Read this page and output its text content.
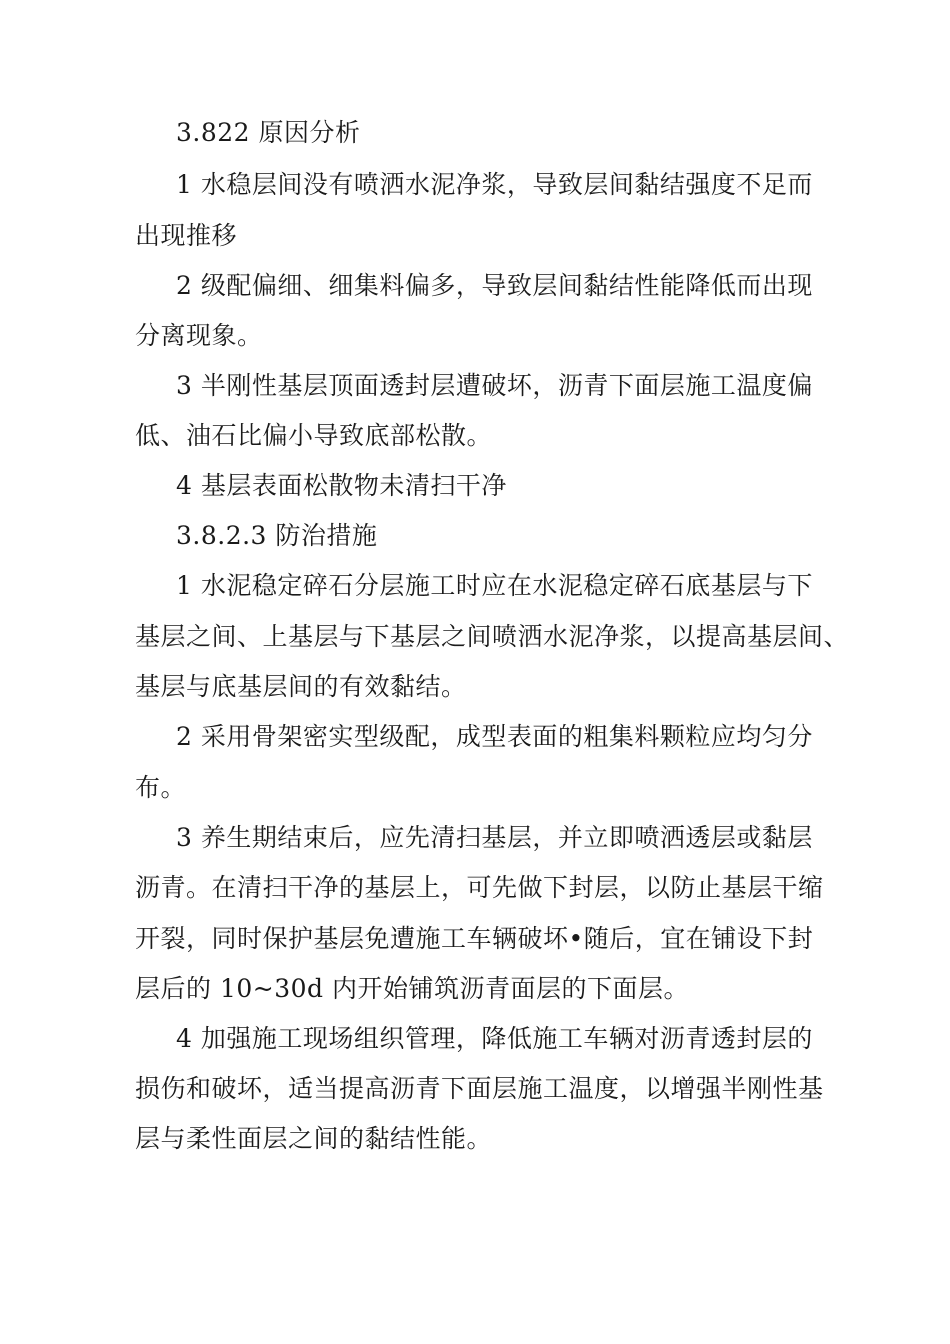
3.822 原因分析
1 水稳层间没有喷洒水泥净浆，导致层间黏结强度不足而
出现推移
2 级配偏细、细集料偏多，导致层间黏结性能降低而出现
分离现象。
3 半刚性基层顶面透封层遭破坏，沥青下面层施工温度偏
低、油石比偏小导致底部松散。
4 基层表面松散物未清扫干净
3.8.2.3 防治措施
1 水泥稳定碎石分层施工时应在水泥稳定碎石底基层与下
基层之间、上基层与下基层之间喷洒水泥净浆，以提高基层间、
基层与底基层间的有效黏结。
2 采用骨架密实型级配，成型表面的粗集料颗粒应均匀分
布。
3 养生期结束后，应先清扫基层，并立即喷洒透层或黏层
沥青。在清扫干净的基层上，可先做下封层，以防止基层干缩
开裂，同时保护基层免遭施工车辆破坏•随后，宜在铺设下封
层后的 10~30d 内开始铺筑沥青面层的下面层。
4 加强施工现场组织管理，降低施工车辆对沥青透封层的
损伤和破坏，适当提高沥青下面层施工温度，以增强半刚性基
层与柔性面层之间的黏结性能。
